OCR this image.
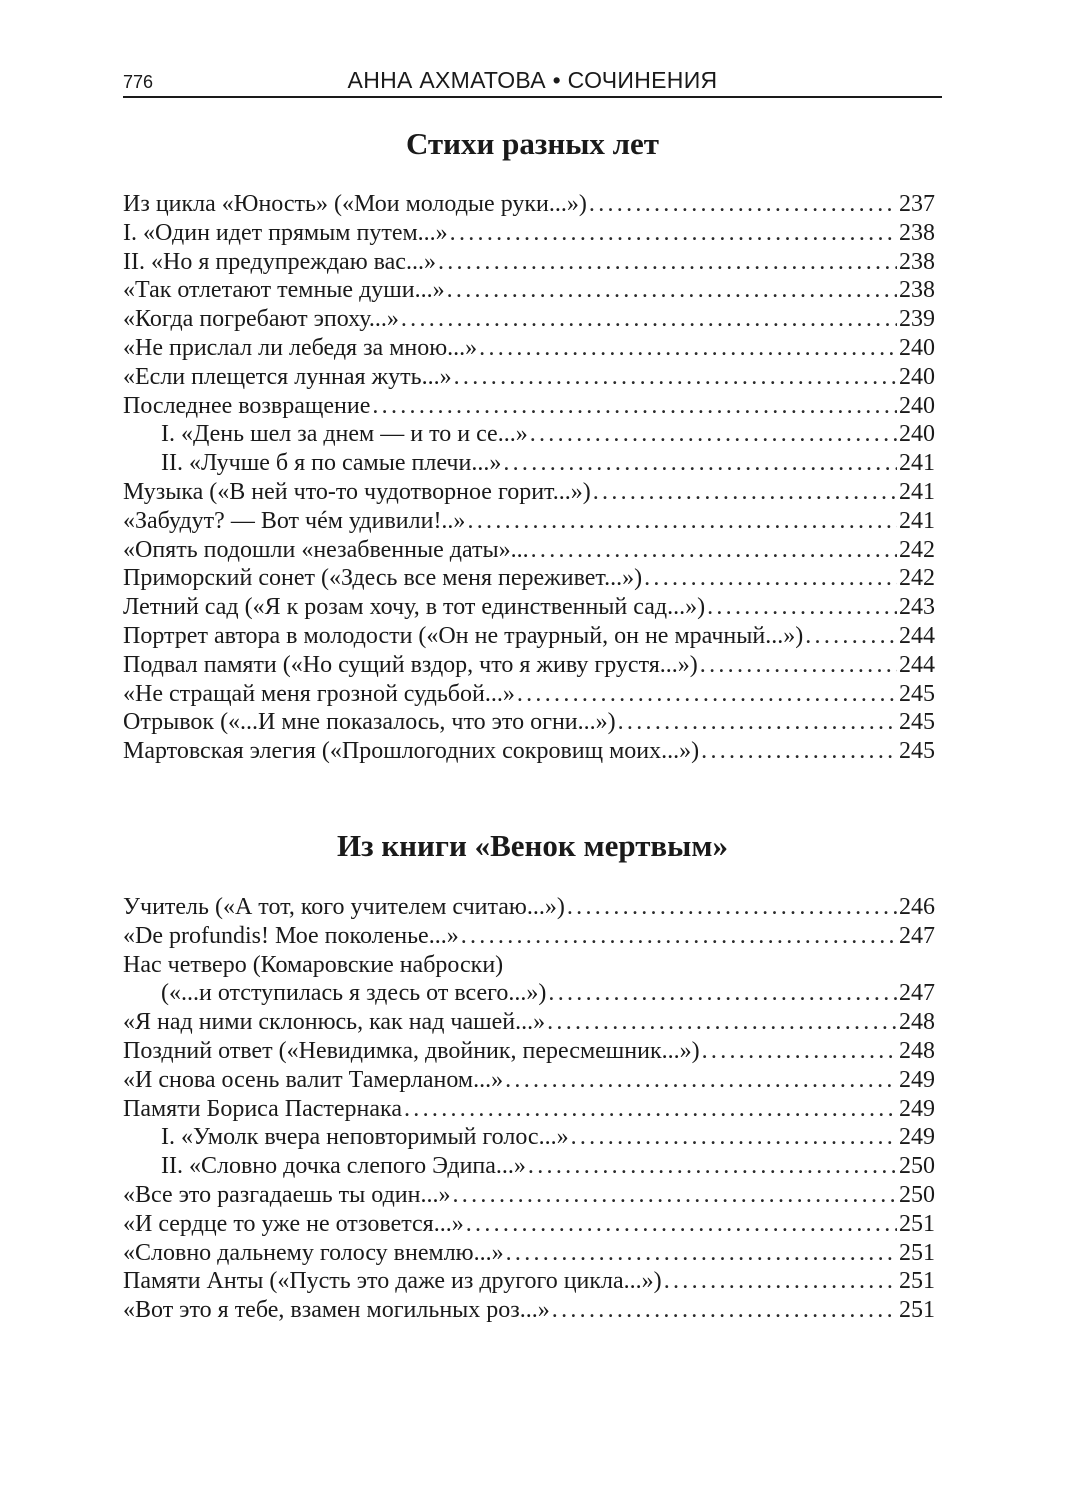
776	АННА АХМАТОВА • СОЧИНЕНИЯ
Стихи разных лет
Из цикла «Юность» («Мои молодые руки...») .....	237
I. «Один идет прямым путем...» .....	238
II. «Но я предупреждаю вас...» .....	238
«Так отлетают темные души...» .....	238
«Когда погребают эпоху...» .....	239
«Не прислал ли лебедя за мною...» .....	240
«Если плещется лунная жуть...» .....	240
Последнее возвращение .....	240
I. «День шел за днем — и то и се...» .....	240
II. «Лучше б я по самые плечи...» .....	241
Музыка («В ней что-то чудотворное горит...») .....	241
«Забудут? — Вот чéм удивили!..» .....	241
«Опять подошли «незабвенные даты»... .....	242
Приморский сонет («Здесь все меня переживет...») .....	242
Летний сад («Я к розам хочу, в тот единственный сад...») .....	243
Портрет автора в молодости («Он не траурный, он не мрачный...») .....	244
Подвал памяти («Но сущий вздор, что я живу грустя...») .....	244
«Не стращай меня грозной судьбой...» .....	245
Отрывок («...И мне показалось, что это огни...») .....	245
Мартовская элегия («Прошлогодних сокровищ моих...») .....	245
Из книги «Венок мертвым»
Учитель («А тот, кого учителем считаю...») .....	246
«De profundis! Мое поколенье...» .....	247
Нас четверо (Комаровские наброски)
(«...и отступилась я здесь от всего...») .....	247
«Я над ними склонюсь, как над чашей...» .....	248
Поздний ответ («Невидимка, двойник, пересмешник...») .....	248
«И снова осень валит Тамерланом...» .....	249
Памяти Бориса Пастернака .....	249
I. «Умолк вчера неповторимый голос...» .....	249
II. «Словно дочка слепого Эдипа...» .....	250
«Все это разгадаешь ты один...» .....	250
«И сердце то уже не отзовется...» .....	251
«Словно дальнему голосу внемлю...» .....	251
Памяти Анты («Пусть это даже из другого цикла...») .....	251
«Вот это я тебе, взамен могильных роз...» .....	251
